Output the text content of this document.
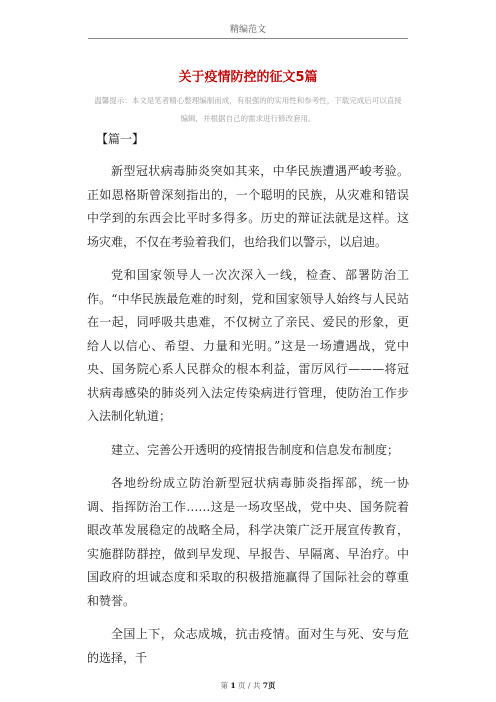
精编范文
关于疫情防控的征文5篇
温馨提示：本文是笔者精心整理编制而成，有很强的的实用性和参考性，下载完成后可以直接编辑，并根据自己的需求进行修改套用。
【篇一】

新型冠状病毒肺炎突如其来，中华民族遭遇严峻考验。正如恩格斯曾深刻指出的，一个聪明的民族，从灾难和错误中学到的东西会比平时多得多。历史的辩证法就是这样。这场灾难，不仅在考验着我们，也给我们以警示，以启迪。

党和国家领导人一次次深入一线，检查、部署防治工作。“中华民族最危难的时刻，党和国家领导人始终与人民站在一起，同呼吸共患难，不仅树立了亲民、爱民的形象，更给人以信心、希望、力量和光明。”这是一场遭遇战，党中央、国务院心系人民群众的根本利益，雷厉风行———将冠状病毒感染的肺炎列入法定传染病进行管理，使防治工作步入法制化轨道；

建立、完善公开透明的疫情报告制度和信息发布制度；

各地纷纷成立防治新型冠状病毒肺炎指挥部，统一协调、指挥防治工作……这是一场攻坚战，党中央、国务院着眼改革发展稳定的战略全局，科学决策广泛开展宣传教育，实施群防群控，做到早发现、早报告、早隔离、早治疗。中国政府的坦诚态度和采取的积极措施赢得了国际社会的尊重和赞誉。

全国上下，众志成城，抗击疫情。面对生与死、安与危的选择，千

第 1 页 / 共 7页
